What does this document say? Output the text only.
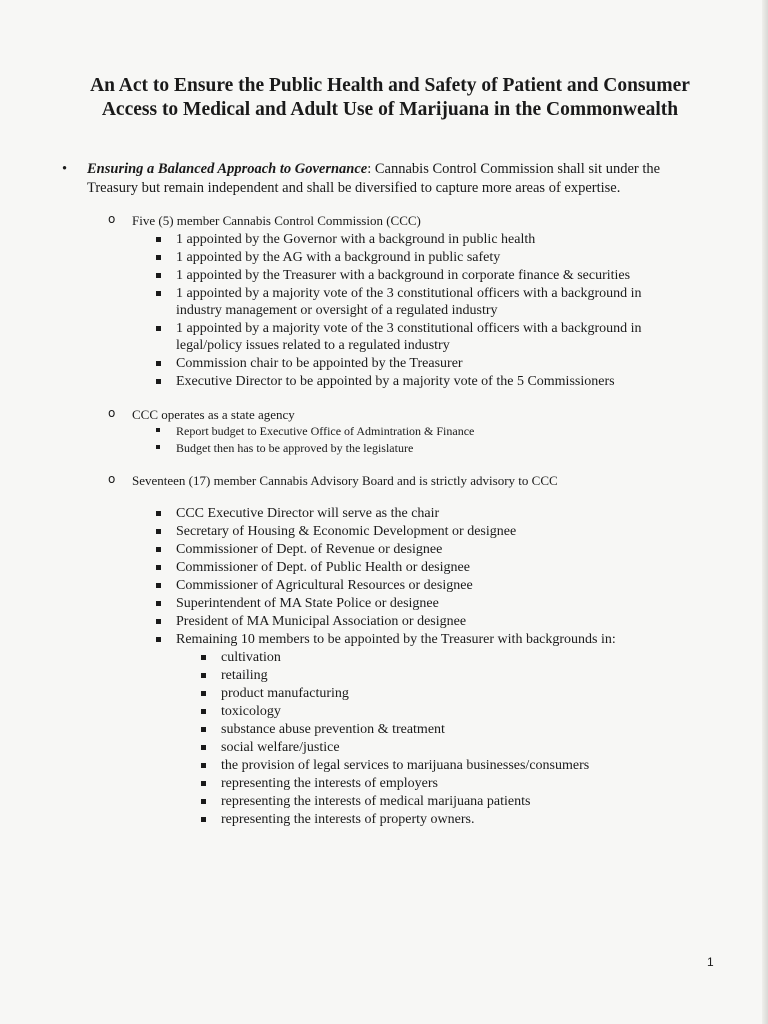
An Act to Ensure the Public Health and Safety of Patient and Consumer
Access to Medical and Adult Use of Marijuana in the Commonwealth
• Ensuring a Balanced Approach to Governance: Cannabis Control Commission shall sit under the
Treasury but remain independent and shall be diversified to capture more areas of expertise.
o Five (5) member Cannabis Control Commission (CCC)
1 appointed by the Governor with a background in public health
1 appointed by the AG with a background in public safety
1 appointed by the Treasurer with a background in corporate finance & securities
1 appointed by a majority vote of the 3 constitutional officers with a background in
industry management or oversight of a regulated industry
1 appointed by a majority vote of the 3 constitutional officers with a background in
legal/policy issues related to a regulated industry
Commission chair to be appointed by the Treasurer
Executive Director to be appointed by a majority vote of the 5 Commissioners
o CCC operates as a state agency
Report budget to Executive Office of Admintration & Finance
Budget then has to be approved by the legislature
o Seventeen (17) member Cannabis Advisory Board and is strictly advisory to CCC
CCC Executive Director will serve as the chair
Secretary of Housing & Economic Development or designee
Commissioner of Dept. of Revenue or designee
Commissioner of Dept. of Public Health or designee
Commissioner of Agricultural Resources or designee
Superintendent of MA State Police or designee
President of MA Municipal Association or designee
Remaining 10 members to be appointed by the Treasurer with backgrounds in:
cultivation
retailing
product manufacturing
toxicology
substance abuse prevention & treatment
social welfare/justice
the provision of legal services to marijuana businesses/consumers
representing the interests of employers
representing the interests of medical marijuana patients
representing the interests of property owners.
1
